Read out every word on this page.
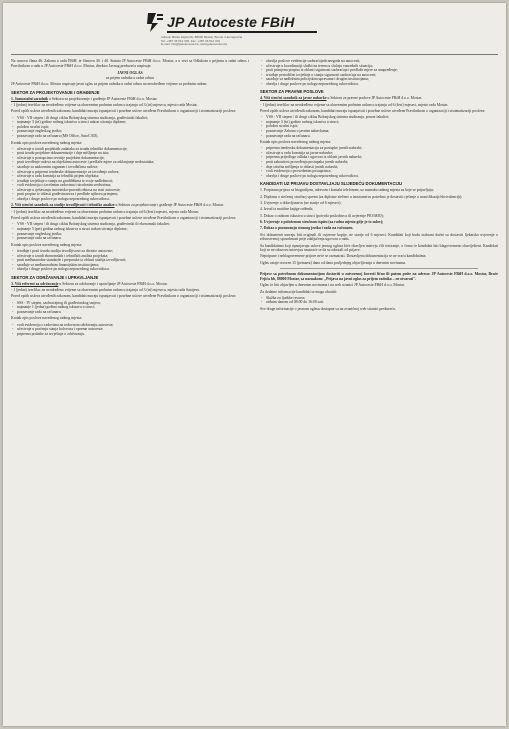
JP Autoceste FBiH
Adresa: Braće Fejića bb, 88000 Mostar, Bosna i Hercegovina
Tel: +387 36 512 300, Fax: +387 36 512 301
E-mail: info@jpautoceste.ba, www.jpautoceste.ba

Na osnovu člana 46. Zakona o radu FBiH, te članova 30. i 40. Statuta JP Autoceste FBiH d.o.o. Mostar, a u vezi sa Odlukom o prijemu u radni odnos i Pravilnikom o radu u JP Autoceste FBiH d.o.o. Mostar, direktor Javnog preduzeća raspisuje:

JAVNI OGLAS
za prijem radnika u radni odnos

JP Autoceste FBiH d.o.o. Mostar raspisuje javni oglas za prijem radnika u radni odnos na neodređeno vrijeme sa probnim radom:

SEKTOR ZA PROJEKTOVANJE I GRAĐENJE

1. Samostalni saradnik u Sektoru za projektovanje i građenje JP Autoceste FBiH d.o.o. Mostar.

- 1 (jedan) izvršilac na neodređeno vrijeme sa obaveznim probnim radom u trajanju od 3 (tri) mjeseca, mjesto rada Mostar.

Pored općih uslova utvrđenih zakonom, kandidati moraju ispunjavati i posebne uslove utvrđene Pravilnikom o organizaciji i sistematizaciji poslova:

- VSS - VII stepen / ili drugi ciklus Bolonjskog sistema studiranja, građevinski fakultet;
- najmanje 3 (tri) godine radnog iskustva u struci nakon sticanja diplome;
- položen stručni ispit;
- poznavanje engleskog jezika;
- poznavanje rada na računaru (MS Office, AutoCAD).

Kratak opis poslova navedenog radnog mjesta:

- učestvuje u izradi projektnih zadataka za izradu tehničke dokumentacije;
- prati izradu projektne dokumentacije i daje mišljenje na istu;
- učestvuje u postupcima revizije projektne dokumentacije;
- prati izvođenje radova na objektima autoceste i predlaže mjere za otklanjanje nedostataka;
- sarađuje sa nadzornim organom i izvođačima radova;
- učestvuje u pripremi tenderske dokumentacije za izvođenje radova;
- učestvuje u radu komisija za tehnički prijem objekata;
- izrađuje izvještaje o stanju na gradilištima iz svoje nadležnosti;
- vodi evidenciju o izvršenim radovima i utrošenim sredstvima;
- učestvuje u rješavanju imovinsko-pravnih odnosa na trasi autoceste;
- prati propise iz oblasti građevinarstva i predlaže njihovu primjenu;
- obavlja i druge poslove po nalogu neposrednog rukovodioca.

2. Viši stručni saradnik za studije izvodljivosti i tehničke analize u Sektoru za projektovanje i građenje JP Autoceste FBiH d.o.o. Mostar.

- 1 (jedan) izvršilac na neodređeno vrijeme sa obaveznim probnim radom u trajanju od 6 (šest) mjeseci, mjesto rada Mostar.

Pored općih uslova utvrđenih zakonom, kandidati moraju ispunjavati i posebne uslove utvrđene Pravilnikom o organizaciji i sistematizaciji poslova:

- VSS - VII stepen / ili drugi ciklus Bolonjskog sistema studiranja, građevinski ili ekonomski fakultet;
- najmanje 5 (pet) godina radnog iskustva u struci nakon sticanja diplome;
- poznavanje engleskog jezika;
- poznavanje rada na računaru.

Kratak opis poslova navedenog radnog mjesta:

- izrađuje i prati izradu studija izvodljivosti za dionice autoceste;
- učestvuje u izradi ekonomskih i tehničkih analiza projekata;
- prati međunarodne standarde i preporuke iz oblasti studija izvodljivosti;
- sarađuje sa međunarodnim finansijskim institucijama;
- obavlja i druge poslove po nalogu neposrednog rukovodioca.
SEKTOR ZA ODRŽAVANJE I UPRAVLJANJE

3. Viši referent za održavanje u Sektoru za održavanje i upravljanje JP Autoceste FBiH d.o.o. Mostar.

- 1 (jedan) izvršilac na neodređeno vrijeme sa obaveznim probnim radom u trajanju od 3 (tri) mjeseca, mjesto rada Sarajevo.

Pored općih uslova utvrđenih zakonom, kandidati moraju ispunjavati i posebne uslove utvrđene Pravilnikom o organizaciji i sistematizaciji poslova:

- SSS - IV stepen, saobraćajnog ili građevinskog smjera;
- najmanje 1 (jedna) godina radnog iskustva u struci;
- poznavanje rada na računaru.

Kratak opis poslova navedenog radnog mjesta:

- vodi evidenciju o radovima na redovnom održavanju autoceste;
- učestvuje u praćenju stanja kolovoza i opreme autoceste;
- priprema podatke za izvještaje o održavanju.
- obavlja poslove evidencije saobraćajnih nezgoda na autocesti;
- učestvuje u koordinaciji službi na terenu u slučaju vanrednih situacija;
- prati primjenu propisa iz oblasti sigurnosti saobraćaja i predlaže mjere za unapređenje;
- izrađuje periodične izvještaje o stanju sigurnosti saobraćaja na autocesti;
- sarađuje sa nadležnim policijskim upravama i drugim institucijama;
- obavlja i druge poslove po nalogu neposrednog rukovodioca.
SEKTOR ZA PRAVNE POSLOVE

4. Viši stručni saradnik za javne nabavke u Sektoru za pravne poslove JP Autoceste FBiH d.o.o. Mostar.

- 1 (jedan) izvršilac na neodređeno vrijeme sa obaveznim probnim radom u trajanju od 6 (šest) mjeseci, mjesto rada Mostar.

Pored općih uslova utvrđenih zakonom, kandidati moraju ispunjavati i posebne uslove utvrđene Pravilnikom o organizaciji i sistematizaciji poslova:

- VSS - VII stepen / ili drugi ciklus Bolonjskog sistema studiranja, pravni fakultet;
- najmanje 3 (tri) godine radnog iskustva u struci;
- položen stručni ispit;
- poznavanje Zakona o javnim nabavkama;
- poznavanje rada na računaru.

Kratak opis poslova navedenog radnog mjesta:

- priprema tendersku dokumentaciju za postupke javnih nabavki;
- učestvuje u radu komisija za javne nabavke;
- priprema prijedloge odluka i ugovora iz oblasti javnih nabavki;
- prati zakonitost provođenja postupaka javnih nabavki;
- daje stručna mišljenja iz oblasti javnih nabavki;
- vodi evidenciju o provedenim postupcima;
- obavlja i druge poslove po nalogu neposrednog rukovodioca.
KANDIDATI UZ PRIJAVU DOSTAVLJAJU SLIJEDEĆU DOKUMENTACIJU

1. Potpisana prijava sa biografijom, adresom i kontakt telefonom, uz naznaku radnog mjesta za koje se prijavljuju;

2. Diploma o stečenoj stručnoj spremi (za diplome stečene u inostranstvu potrebno je dostaviti rješenje o nostrifikaciji/ekvivalenciji);

3. Uvjerenje o državljanstvu (ne starije od 6 mjeseci);

4. Izvod iz matične knjige rođenih;

5. Dokaz o radnom iskustvu u struci (potvrda poslodavca ili uvjerenje PIO/MIO);

6. Uvjerenje o položenom stručnom ispitu (za radna mjesta gdje je to uslov);

7. Dokaz o poznavanju stranog jezika i rada na računaru.

Svi dokumenti moraju biti originali ili ovjerene kopije, ne starije od 6 mjeseci. Kandidati koji budu izabrani dužni su dostaviti ljekarsko uvjerenje o zdravstvenoj sposobnosti prije zaključenja ugovora o radu.

Sa kandidatima koji ispunjavaju uslove javnog oglasa biće obavljen intervju i/ili testiranje, o čemu će kandidati biti blagovremeno obaviješteni. Kandidati koji se ne odazovu intervjuu smatraće se da su odustali od prijave.

Nepotpune i neblagovremene prijave neće se razmatrati. Dostavljena dokumentacija se ne vraća kandidatima.

Oglas ostaje otvoren 15 (petnaest) dana od dana posljednjeg objavljivanja u dnevnim novinama.

Prijave sa potrebnom dokumentacijom dostaviti u zatvorenoj koverti lično ili putem pošte na adresu: JP Autoceste FBiH d.o.o. Mostar, Braće Fejića bb, 88000 Mostar, sa naznakom: „Prijava na javni oglas za prijem radnika – ne otvarati".

Oglas će biti objavljen u dnevnim novinama i na web stranici JP Autoceste FBiH d.o.o. Mostar.

Za dodatne informacije kandidati se mogu obratiti:

- Služba za ljudske resurse;
- radnim danom od 08:00 do 16:00 sati.

Sve druge informacije o javnom oglasu dostupne su na zvaničnoj web stranici preduzeća.
